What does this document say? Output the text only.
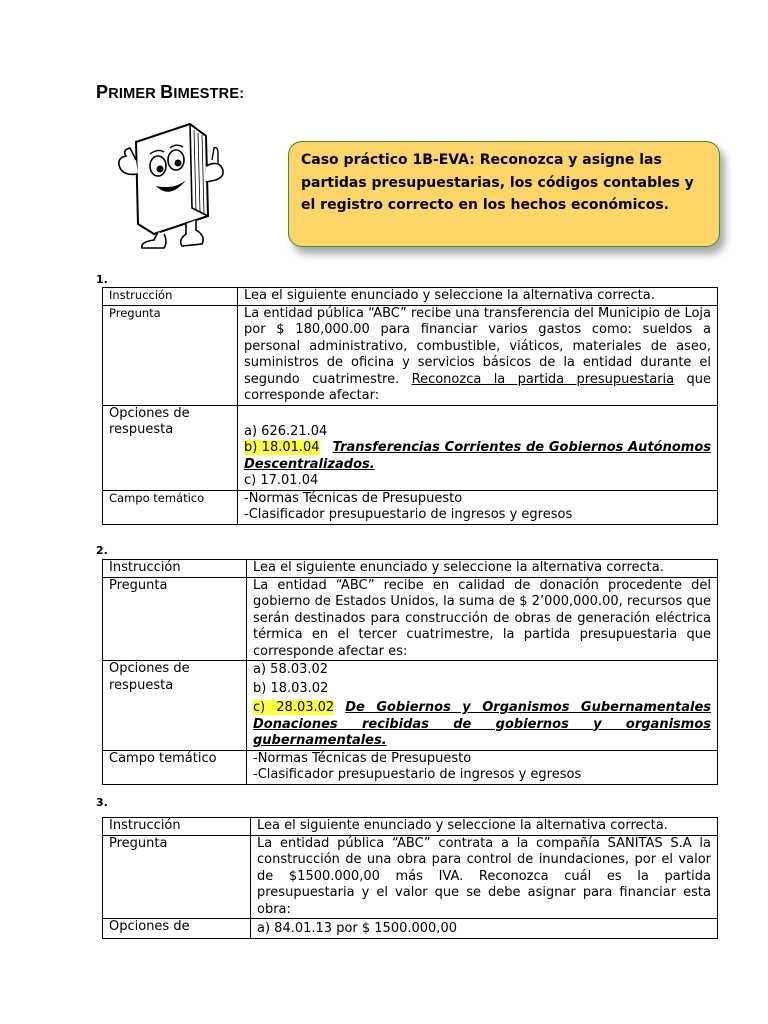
PRIMER BIMESTRE:
Caso práctico 1B-EVA: Reconozca y asigne las partidas presupuestarias, los códigos contables y el registro correcto en los hechos económicos.
1.
Instrucción	Lea el siguiente enunciado y seleccione la alternativa correcta.
Pregunta	La entidad pública “ABC” recibe una transferencia del Municipio de Loja por $ 180,000.00 para financiar varios gastos como: sueldos a personal administrativo, combustible, viáticos, materiales de aseo, suministros de oficina y servicios básicos de la entidad durante el segundo cuatrimestre. Reconozca la partida presupuestaria que corresponde afectar:
Opciones de respuesta	a) 626.21.04
b) 18.01.04 Transferencias Corrientes de Gobiernos Autónomos Descentralizados.
c) 17.01.04

Campo temático	-Normas Técnicas de Presupuesto
-Clasificador presupuestario de ingresos y egresos
2.
Instrucción	Lea el siguiente enunciado y seleccione la alternativa correcta.
Pregunta	La entidad “ABC” recibe en calidad de donación procedente del gobierno de Estados Unidos, la suma de $ 2’000,000.00, recursos que serán destinados para construcción de obras de generación eléctrica térmica en el tercer cuatrimestre, la partida presupuestaria que corresponde afectar es:
Opciones de respuesta	a) 58.03.02
b) 18.03.02
c) 28.03.02 De Gobiernos y Organismos Gubernamentales Donaciones recibidas de gobiernos y organismos gubernamentales.

Campo temático	-Normas Técnicas de Presupuesto
-Clasificador presupuestario de ingresos y egresos
3.
Instrucción	Lea el siguiente enunciado y seleccione la alternativa correcta.
Pregunta	La entidad pública “ABC” contrata a la compañía SANITAS S.A la construcción de una obra para control de inundaciones, por el valor de $1500.000,00 más IVA. Reconozca cuál es la partida presupuestaria y el valor que se debe asignar para financiar esta obra:
Opciones de	a) 84.01.13 por $ 1500.000,00
